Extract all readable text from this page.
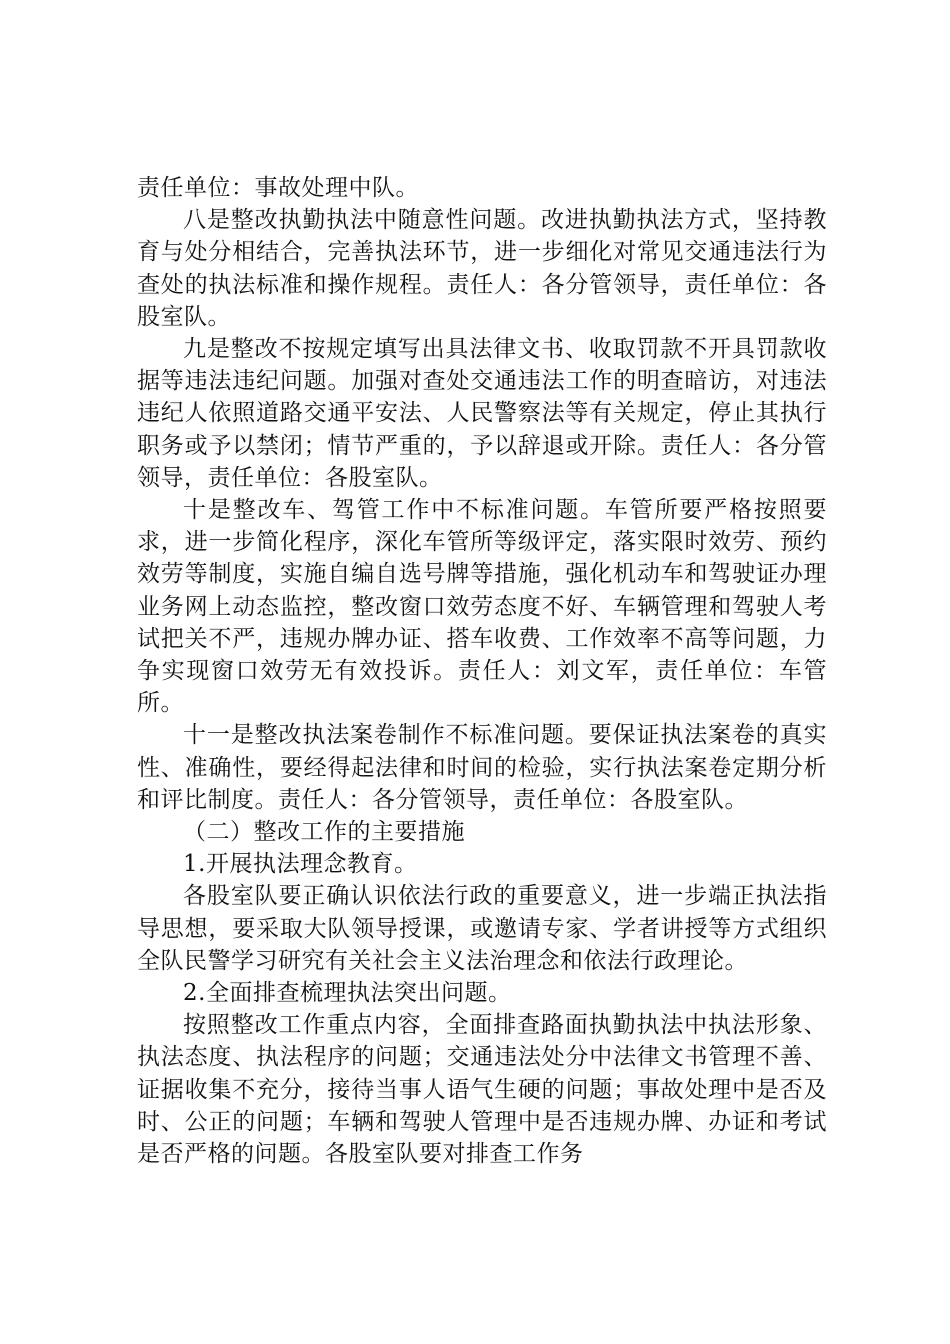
责任单位：事故处理中队。

八是整改执勤执法中随意性问题。改进执勤执法方式，坚持教育与处分相结合，完善执法环节，进一步细化对常见交通违法行为查处的执法标准和操作规程。责任人：各分管领导，责任单位：各股室队。

九是整改不按规定填写出具法律文书、收取罚款不开具罚款收据等违法违纪问题。加强对查处交通违法工作的明查暗访，对违法违纪人依照道路交通平安法、人民警察法等有关规定，停止其执行职务或予以禁闭；情节严重的，予以辞退或开除。责任人：各分管领导，责任单位：各股室队。

十是整改车、驾管工作中不标准问题。车管所要严格按照要求，进一步简化程序，深化车管所等级评定，落实限时效劳、预约效劳等制度，实施自编自选号牌等措施，强化机动车和驾驶证办理业务网上动态监控，整改窗口效劳态度不好、车辆管理和驾驶人考试把关不严，违规办牌办证、搭车收费、工作效率不高等问题，力争实现窗口效劳无有效投诉。责任人：刘文军，责任单位：车管所。

十一是整改执法案卷制作不标准问题。要保证执法案卷的真实性、准确性，要经得起法律和时间的检验，实行执法案卷定期分析和评比制度。责任人：各分管领导，责任单位：各股室队。

（二）整改工作的主要措施

1.开展执法理念教育。

各股室队要正确认识依法行政的重要意义，进一步端正执法指导思想，要采取大队领导授课，或邀请专家、学者讲授等方式组织全队民警学习研究有关社会主义法治理念和依法行政理论。

2.全面排查梳理执法突出问题。

按照整改工作重点内容，全面排查路面执勤执法中执法形象、执法态度、执法程序的问题；交通违法处分中法律文书管理不善、证据收集不充分，接待当事人语气生硬的问题；事故处理中是否及时、公正的问题；车辆和驾驶人管理中是否违规办牌、办证和考试是否严格的问题。各股室队要对排查工作务
